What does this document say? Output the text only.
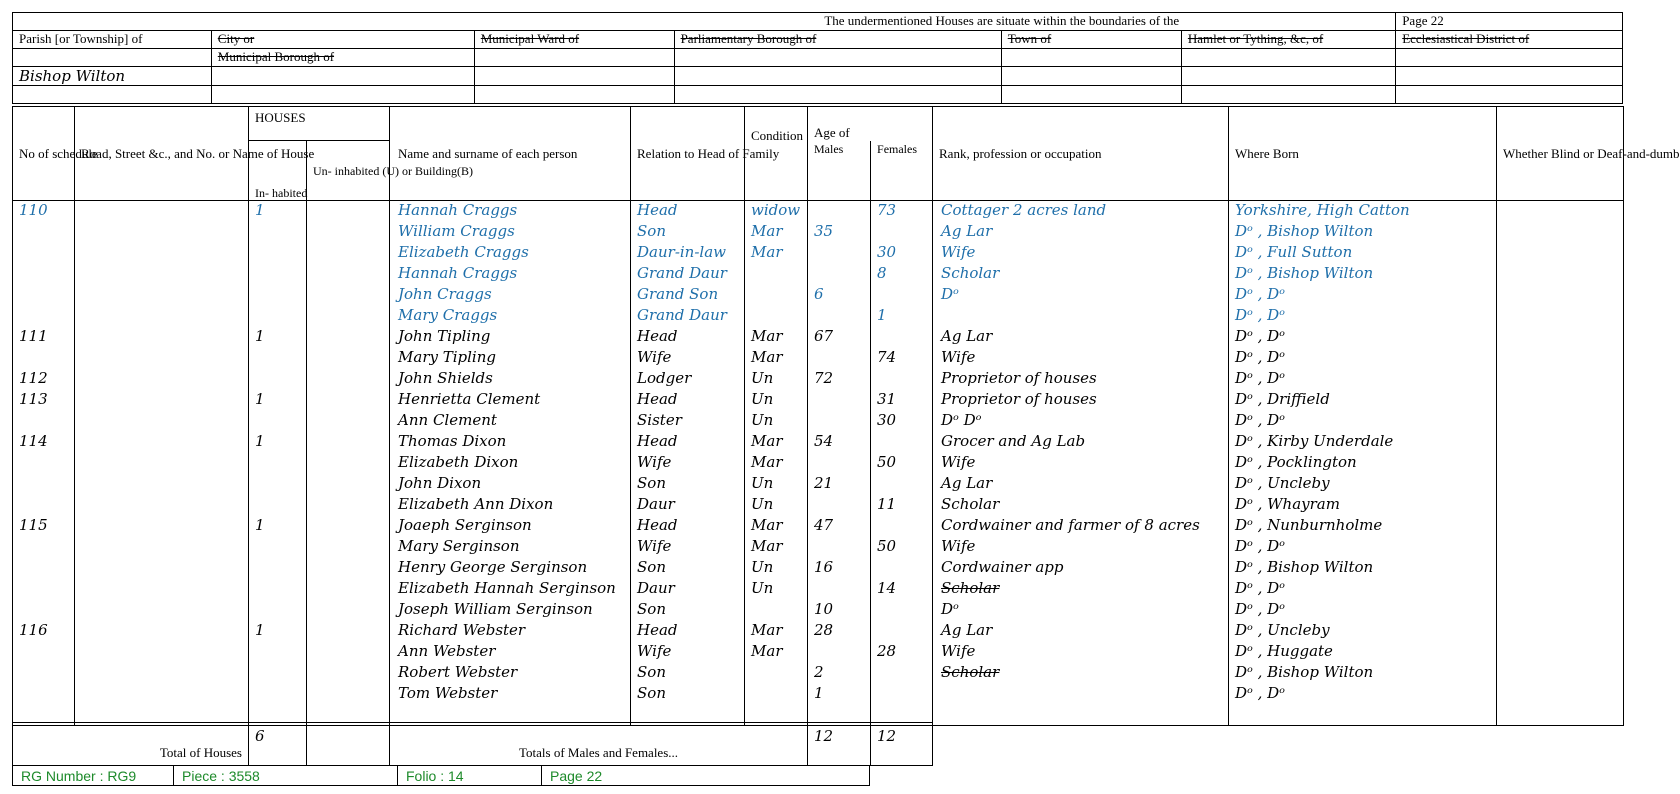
The undermentioned Houses are situate within the boundaries of the						Page 22
Parish [or Township] of	City or	Municipal Ward of	Parliamentary Borough of	Town of	Hamlet or Tything, &c, of	Ecclesiastical District of
	Municipal Borough of					
Bishop Wilton						

No of schedule	Road, Street &c., and No. or Name of House	HOUSES		Name and surname of each person	Relation to Head of Family	Condition	Age of		Rank, profession or occupation	Where Born	Whether Blind or Deaf-and-dumb
		In- habited	Un- inhabited (U) or Building(B)				Males	Females			
110		1		Hannah Craggs	Head	widow		73	Cottager 2 acres land	Yorkshire, High Catton	
				William Craggs	Son	Mar	35		Ag Lar	Dᵒ , Bishop Wilton	
				Elizabeth Craggs	Daur-in-law	Mar		30	Wife	Dᵒ , Full Sutton	
				Hannah Craggs	Grand Daur			8	Scholar	Dᵒ , Bishop Wilton	
				John Craggs	Grand Son		6		Dᵒ	Dᵒ , Dᵒ	
				Mary Craggs	Grand Daur			1		Dᵒ , Dᵒ	
111		1		John Tipling	Head	Mar	67		Ag Lar	Dᵒ , Dᵒ	
				Mary Tipling	Wife	Mar		74	Wife	Dᵒ , Dᵒ	
112				John Shields	Lodger	Un	72		Proprietor of houses	Dᵒ , Dᵒ	
113		1		Henrietta Clement	Head	Un		31	Proprietor of houses	Dᵒ , Driffield	
				Ann Clement	Sister	Un		30	Dᵒ Dᵒ	Dᵒ , Dᵒ	
114		1		Thomas Dixon	Head	Mar	54		Grocer and Ag Lab	Dᵒ , Kirby Underdale	
				Elizabeth Dixon	Wife	Mar		50	Wife	Dᵒ , Pocklington	
				John Dixon	Son	Un	21		Ag Lar	Dᵒ , Uncleby	
				Elizabeth Ann Dixon	Daur	Un		11	Scholar	Dᵒ , Whayram	
115		1		Joaeph Serginson	Head	Mar	47		Cordwainer and farmer of 8 acres	Dᵒ , Nunburnholme	
				Mary Serginson	Wife	Mar		50	Wife	Dᵒ , Dᵒ	
				Henry George Serginson	Son	Un	16		Cordwainer app	Dᵒ , Bishop Wilton	
				Elizabeth Hannah Serginson	Daur	Un		14	Scholar	Dᵒ , Dᵒ	
				Joseph William Serginson	Son		10		Dᵒ	Dᵒ , Dᵒ	
116		1		Richard Webster	Head	Mar	28		Ag Lar	Dᵒ , Uncleby	
				Ann Webster	Wife	Mar		28	Wife	Dᵒ , Huggate	
				Robert Webster	Son		2		Scholar	Dᵒ , Bishop Wilton	
				Tom Webster	Son		1			Dᵒ , Dᵒ	

Total of Houses	6		Totals of Males and Females...	12	12	
RG Number : RG9	Piece : 3558	Folio : 14	Page 22
